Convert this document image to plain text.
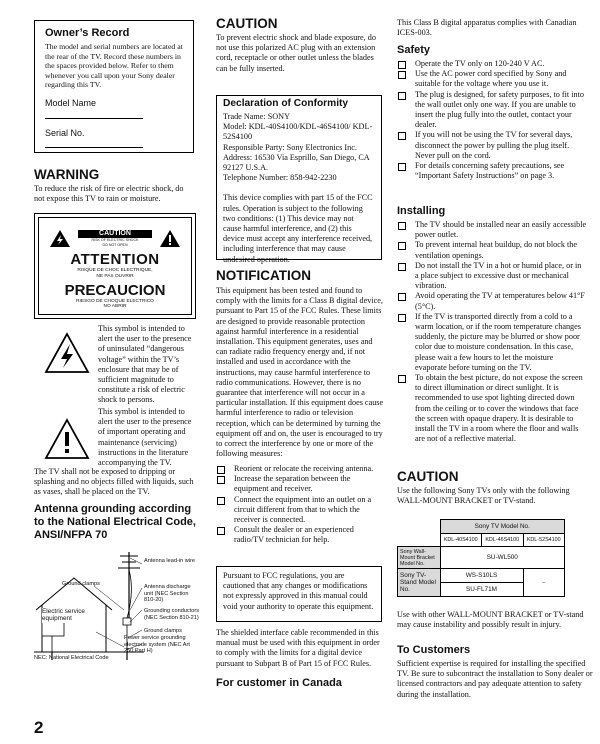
Owner’s Record

The model and serial numbers are located at the rear of the TV. Record these numbers in the spaces provided below. Refer to them whenever you call upon your Sony dealer regarding this TV.

Model Name
Serial No.
WARNING

To reduce the risk of fire or electric shock, do not expose this TV to rain or moisture.

CAUTION
RISK OF ELECTRIC SHOCK
DO NOT OPEN
ATTENTION
RISQUE DE CHOC ELECTRIQUE,
NE PAS OUVRIR
PRECAUCION
RIESGO DE CHOQUE ELECTRICO
NO ABRIR

This symbol is intended to alert the user to the presence of uninsulated “dangerous voltage” within the TV’s enclosure that may be of sufficient magnitude to constitute a risk of electric shock to persons.

This symbol is intended to alert the user to the presence of important operating and maintenance (servicing) instructions in the literature accompanying the TV.

The TV shall not be exposed to dripping or splashing and no objects filled with liquids, such as vases, shall be placed on the TV.

Antenna grounding according to the National Electrical Code, ANSI/NFPA 70
Antenna lead-in wire
Ground clamps	Antenna discharge unit (NEC Section 810-20)
Electric service equipment
Grounding conductors (NEC Section 810-21)
Ground clamps
Power service grounding electrode system (NEC Art 250 Part H)
NEC: National Electrical Code
2
CAUTION

To prevent electric shock and blade exposure, do not use this polarized AC plug with an extension cord, receptacle or other outlet unless the blades can be fully inserted.

Declaration of Conformity

Trade Name: SONY

Model: KDL-40S4100/KDL-46S4100/ KDL-52S4100

Responsible Party: Sony Electronics Inc.

Address: 16530 Via Esprillo, San Diego, CA 92127 U.S.A.

Telephone Number: 858-942-2230

This device complies with part 15 of the FCC rules. Operation is subject to the following two conditions: (1) This device may not cause harmful interference, and (2) this device must accept any interference received, including interference that may cause undesired operation.

NOTIFICATION

This equipment has been tested and found to comply with the limits for a Class B digital device, pursuant to Part 15 of the FCC Rules. These limits are designed to provide reasonable protection against harmful interference in a residential installation. This equipment generates, uses and can radiate radio frequency energy and, if not installed and used in accordance with the instructions, may cause harmful interference to radio communications. However, there is no guarantee that interference will not occur in a particular installation. If this equipment does cause harmful interference to radio or television reception, which can be determined by turning the equipment off and on, the user is encouraged to try to correct the interference by one or more of the following measures:

Reorient or relocate the receiving antenna.
Increase the separation between the equipment and receiver.
Connect the equipment into an outlet on a circuit different from that to which the receiver is connected.
Consult the dealer or an experienced radio/TV technician for help.

Pursuant to FCC regulations, you are cautioned that any changes or modifications not expressly approved in this manual could void your authority to operate this equipment.

The shielded interface cable recommended in this manual must be used with this equipment in order to comply with the limits for a digital device pursuant to Subpart B of Part 15 of FCC Rules.

For customer in Canada

This Class B digital apparatus complies with Canadian ICES-003.

Safety
Operate the TV only on 120-240 V AC.
Use the AC power cord specified by Sony and suitable for the voltage where you use it.
The plug is designed, for safety purposes, to fit into the wall outlet only one way. If you are unable to insert the plug fully into the outlet, contact your dealer.
If you will not be using the TV for several days, disconnect the power by pulling the plug itself. Never pull on the cord.
For details concerning safety precautions, see “Important Safety Instructions” on page 3.
Installing
The TV should be installed near an easily accessible power outlet.
To prevent internal heat buildup, do not block the ventilation openings.
Do not install the TV in a hot or humid place, or in a place subject to excessive dust or mechanical vibration.
Avoid operating the TV at temperatures below 41°F (5°C).
If the TV is transported directly from a cold to a warm location, or if the room temperature changes suddenly, the picture may be blurred or show poor color due to moisture condensation. In this case, please wait a few hours to let the moisture evaporate before turning on the TV.
To obtain the best picture, do not expose the screen to direct illumination or direct sunlight. It is recommended to use spot lighting directed down from the ceiling or to cover the windows that face the screen with opaque drapery. It is desirable to install the TV in a room where the floor and walls are not of a reflective material.
CAUTION

Use the following Sony TVs only with the following WALL-MOUNT BRACKET or TV-stand.

	Sony TV Model No.		
	KDL-40S4100	KDL-46S4100	KDL-52S4100
Sony Wall-Mount Bracket Model No.	SU-WL500		
Sony TV-Stand Model No.	WS-S10LS		–
	SU-FL71M		

Use with other WALL-MOUNT BRACKET or TV-stand may cause instability and possibly result in injury.

To Customers

Sufficient expertise is required for installing the specified TV. Be sure to subcontract the installation to Sony dealer or licensed contractors and pay adequate attention to safety during the installation.
